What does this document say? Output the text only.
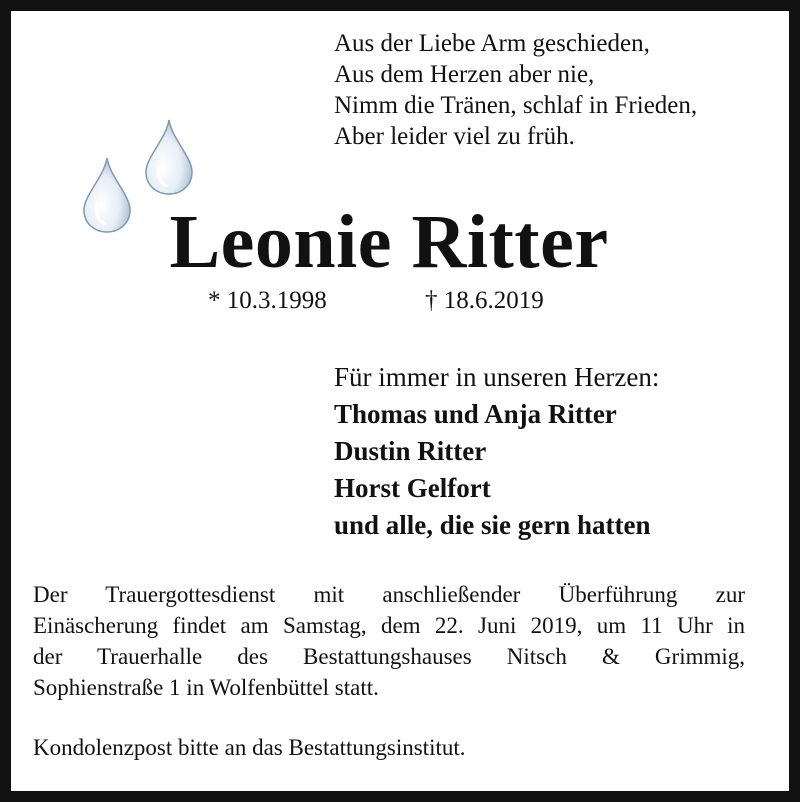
Aus der Liebe Arm geschieden,
Aus dem Herzen aber nie,
Nimm die Tränen, schlaf in Frieden,
Aber leider viel zu früh.
Leonie Ritter
* 10.3.1998	† 18.6.2019
Für immer in unseren Herzen:
Thomas und Anja Ritter
Dustin Ritter
Horst Gelfort
und alle, die sie gern hatten
Der Trauergottesdienst mit anschließender Überführung zur
Einäscherung findet am Samstag, dem 22. Juni 2019, um 11 Uhr in
der Trauerhalle des Bestattungshauses Nitsch & Grimmig,
Sophienstraße 1 in Wolfenbüttel statt.
Kondolenzpost bitte an das Bestattungsinstitut.
